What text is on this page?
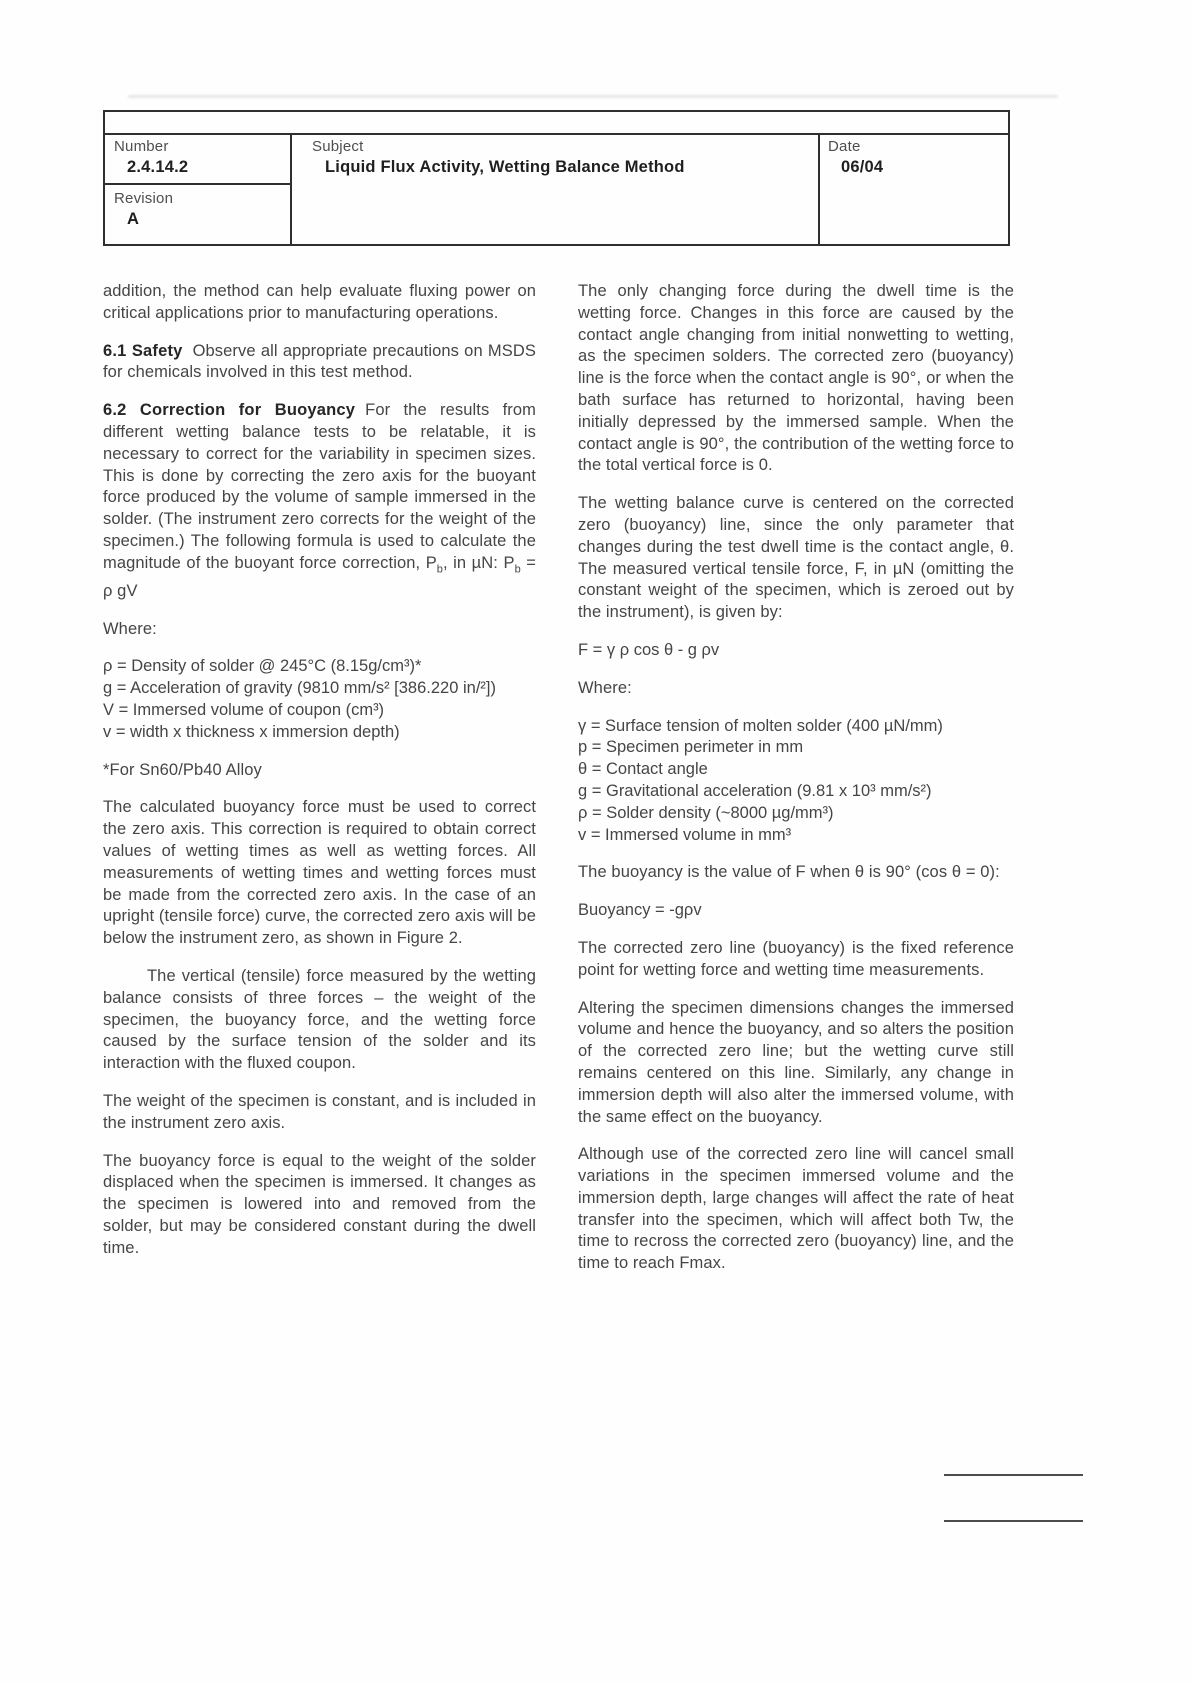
Number
2.4.14.2
Revision
A
Subject
Liquid Flux Activity, Wetting Balance Method
Date
06/04

addition, the method can help evaluate fluxing power on critical applications prior to manufacturing operations.

6.1 Safety Observe all appropriate precautions on MSDS for chemicals involved in this test method.

6.2 Correction for Buoyancy For the results from different wetting balance tests to be relatable, it is necessary to correct for the variability in specimen sizes. This is done by correcting the zero axis for the buoyant force produced by the volume of sample immersed in the solder. (The instrument zero corrects for the weight of the specimen.) The following formula is used to calculate the magnitude of the buoyant force correction, $P_b$, in µN: $P_b = \rho$ gV

Where:

ρ = Density of solder @ 245°C (8.15g/cm³)*
g = Acceleration of gravity (9810 mm/s² [386.220 in/²])
V = Immersed volume of coupon (cm³)
v = width x thickness x immersion depth)

*For Sn60/Pb40 Alloy

The calculated buoyancy force must be used to correct the zero axis. This correction is required to obtain correct values of wetting times as well as wetting forces. All measurements of wetting times and wetting forces must be made from the corrected zero axis. In the case of an upright (tensile force) curve, the corrected zero axis will be below the instrument zero, as shown in Figure 2.

The vertical (tensile) force measured by the wetting balance consists of three forces – the weight of the specimen, the buoyancy force, and the wetting force caused by the surface tension of the solder and its interaction with the fluxed coupon.

The weight of the specimen is constant, and is included in the instrument zero axis.

The buoyancy force is equal to the weight of the solder displaced when the specimen is immersed. It changes as the specimen is lowered into and removed from the solder, but may be considered constant during the dwell time.

The only changing force during the dwell time is the wetting force. Changes in this force are caused by the contact angle changing from initial nonwetting to wetting, as the specimen solders. The corrected zero (buoyancy) line is the force when the contact angle is 90°, or when the bath surface has returned to horizontal, having been initially depressed by the immersed sample. When the contact angle is 90°, the contribution of the wetting force to the total vertical force is 0.

The wetting balance curve is centered on the corrected zero (buoyancy) line, since the only parameter that changes during the test dwell time is the contact angle, θ. The measured vertical tensile force, F, in µN (omitting the constant weight of the specimen, which is zeroed out by the instrument), is given by:

F = γ ρ cos θ - g ρv

Where:

γ = Surface tension of molten solder (400 µN/mm)
p = Specimen perimeter in mm
θ = Contact angle
g = Gravitational acceleration (9.81 x 10³ mm/s²)
ρ = Solder density (~8000 µg/mm³)
v = Immersed volume in mm³

The buoyancy is the value of F when θ is 90° (cos θ = 0):

Buoyancy = -gρv

The corrected zero line (buoyancy) is the fixed reference point for wetting force and wetting time measurements.

Altering the specimen dimensions changes the immersed volume and hence the buoyancy, and so alters the position of the corrected zero line; but the wetting curve still remains centered on this line. Similarly, any change in immersion depth will also alter the immersed volume, with the same effect on the buoyancy.

Although use of the corrected zero line will cancel small variations in the specimen immersed volume and the immersion depth, large changes will affect the rate of heat transfer into the specimen, which will affect both Tw, the time to recross the corrected zero (buoyancy) line, and the time to reach Fmax.
